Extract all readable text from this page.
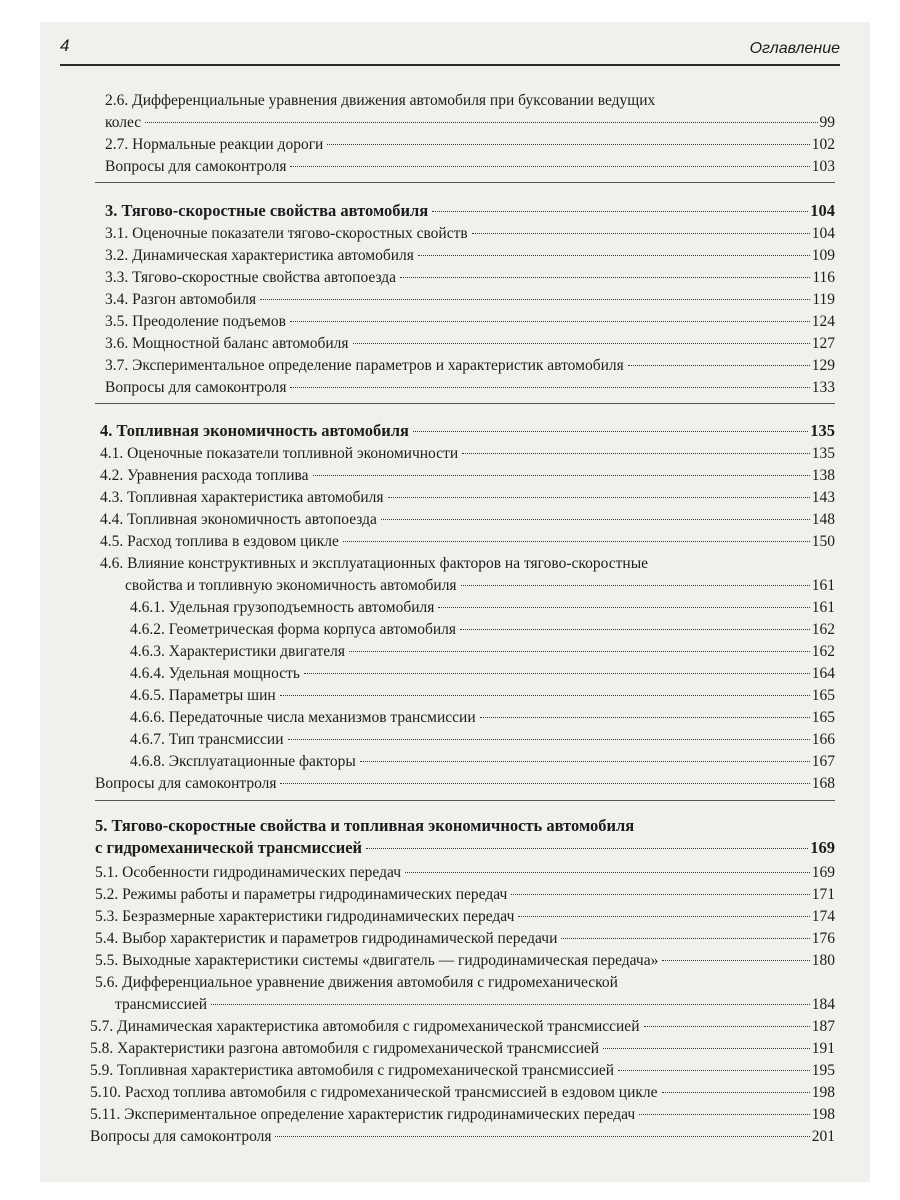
4	Оглавление
2.6. Дифференциальные уравнения движения автомобиля при буксовании ведущих
колес	99
2.7. Нормальные реакции дороги	102
Вопросы для самоконтроля	103
3. Тягово-скоростные свойства автомобиля	104
3.1. Оценочные показатели тягово-скоростных свойств	104
3.2. Динамическая характеристика автомобиля	109
3.3. Тягово-скоростные свойства автопоезда	116
3.4. Разгон автомобиля	119
3.5. Преодоление подъемов	124
3.6. Мощностной баланс автомобиля	127
3.7. Экспериментальное определение параметров и характеристик автомобиля	129
Вопросы для самоконтроля	133
4. Топливная экономичность автомобиля	135
4.1. Оценочные показатели топливной экономичности	135
4.2. Уравнения расхода топлива	138
4.3. Топливная характеристика автомобиля	143
4.4. Топливная экономичность автопоезда	148
4.5. Расход топлива в ездовом цикле	150
4.6. Влияние конструктивных и эксплуатационных факторов на тягово-скоростные
свойства и топливную экономичность автомобиля	161
4.6.1. Удельная грузоподъемность автомобиля	161
4.6.2. Геометрическая форма корпуса автомобиля	162
4.6.3. Характеристики двигателя	162
4.6.4. Удельная мощность	164
4.6.5. Параметры шин	165
4.6.6. Передаточные числа механизмов трансмиссии	165
4.6.7. Тип трансмиссии	166
4.6.8. Эксплуатационные факторы	167
Вопросы для самоконтроля	168
5. Тягово-скоростные свойства и топливная экономичность автомобиля
с гидромеханической трансмиссией	169
5.1. Особенности гидродинамических передач	169
5.2. Режимы работы и параметры гидродинамических передач	171
5.3. Безразмерные характеристики гидродинамических передач	174
5.4. Выбор характеристик и параметров гидродинамической передачи	176
5.5. Выходные характеристики системы «двигатель — гидродинамическая передача»	180
5.6. Дифференциальное уравнение движения автомобиля с гидромеханической
трансмиссией	184
5.7. Динамическая характеристика автомобиля с гидромеханической трансмиссией	187
5.8. Характеристики разгона автомобиля с гидромеханической трансмиссией	191
5.9. Топливная характеристика автомобиля с гидромеханической трансмиссией	195
5.10. Расход топлива автомобиля с гидромеханической трансмиссией в ездовом цикле	198
5.11. Экспериментальное определение характеристик гидродинамических передач	198
Вопросы для самоконтроля	201
